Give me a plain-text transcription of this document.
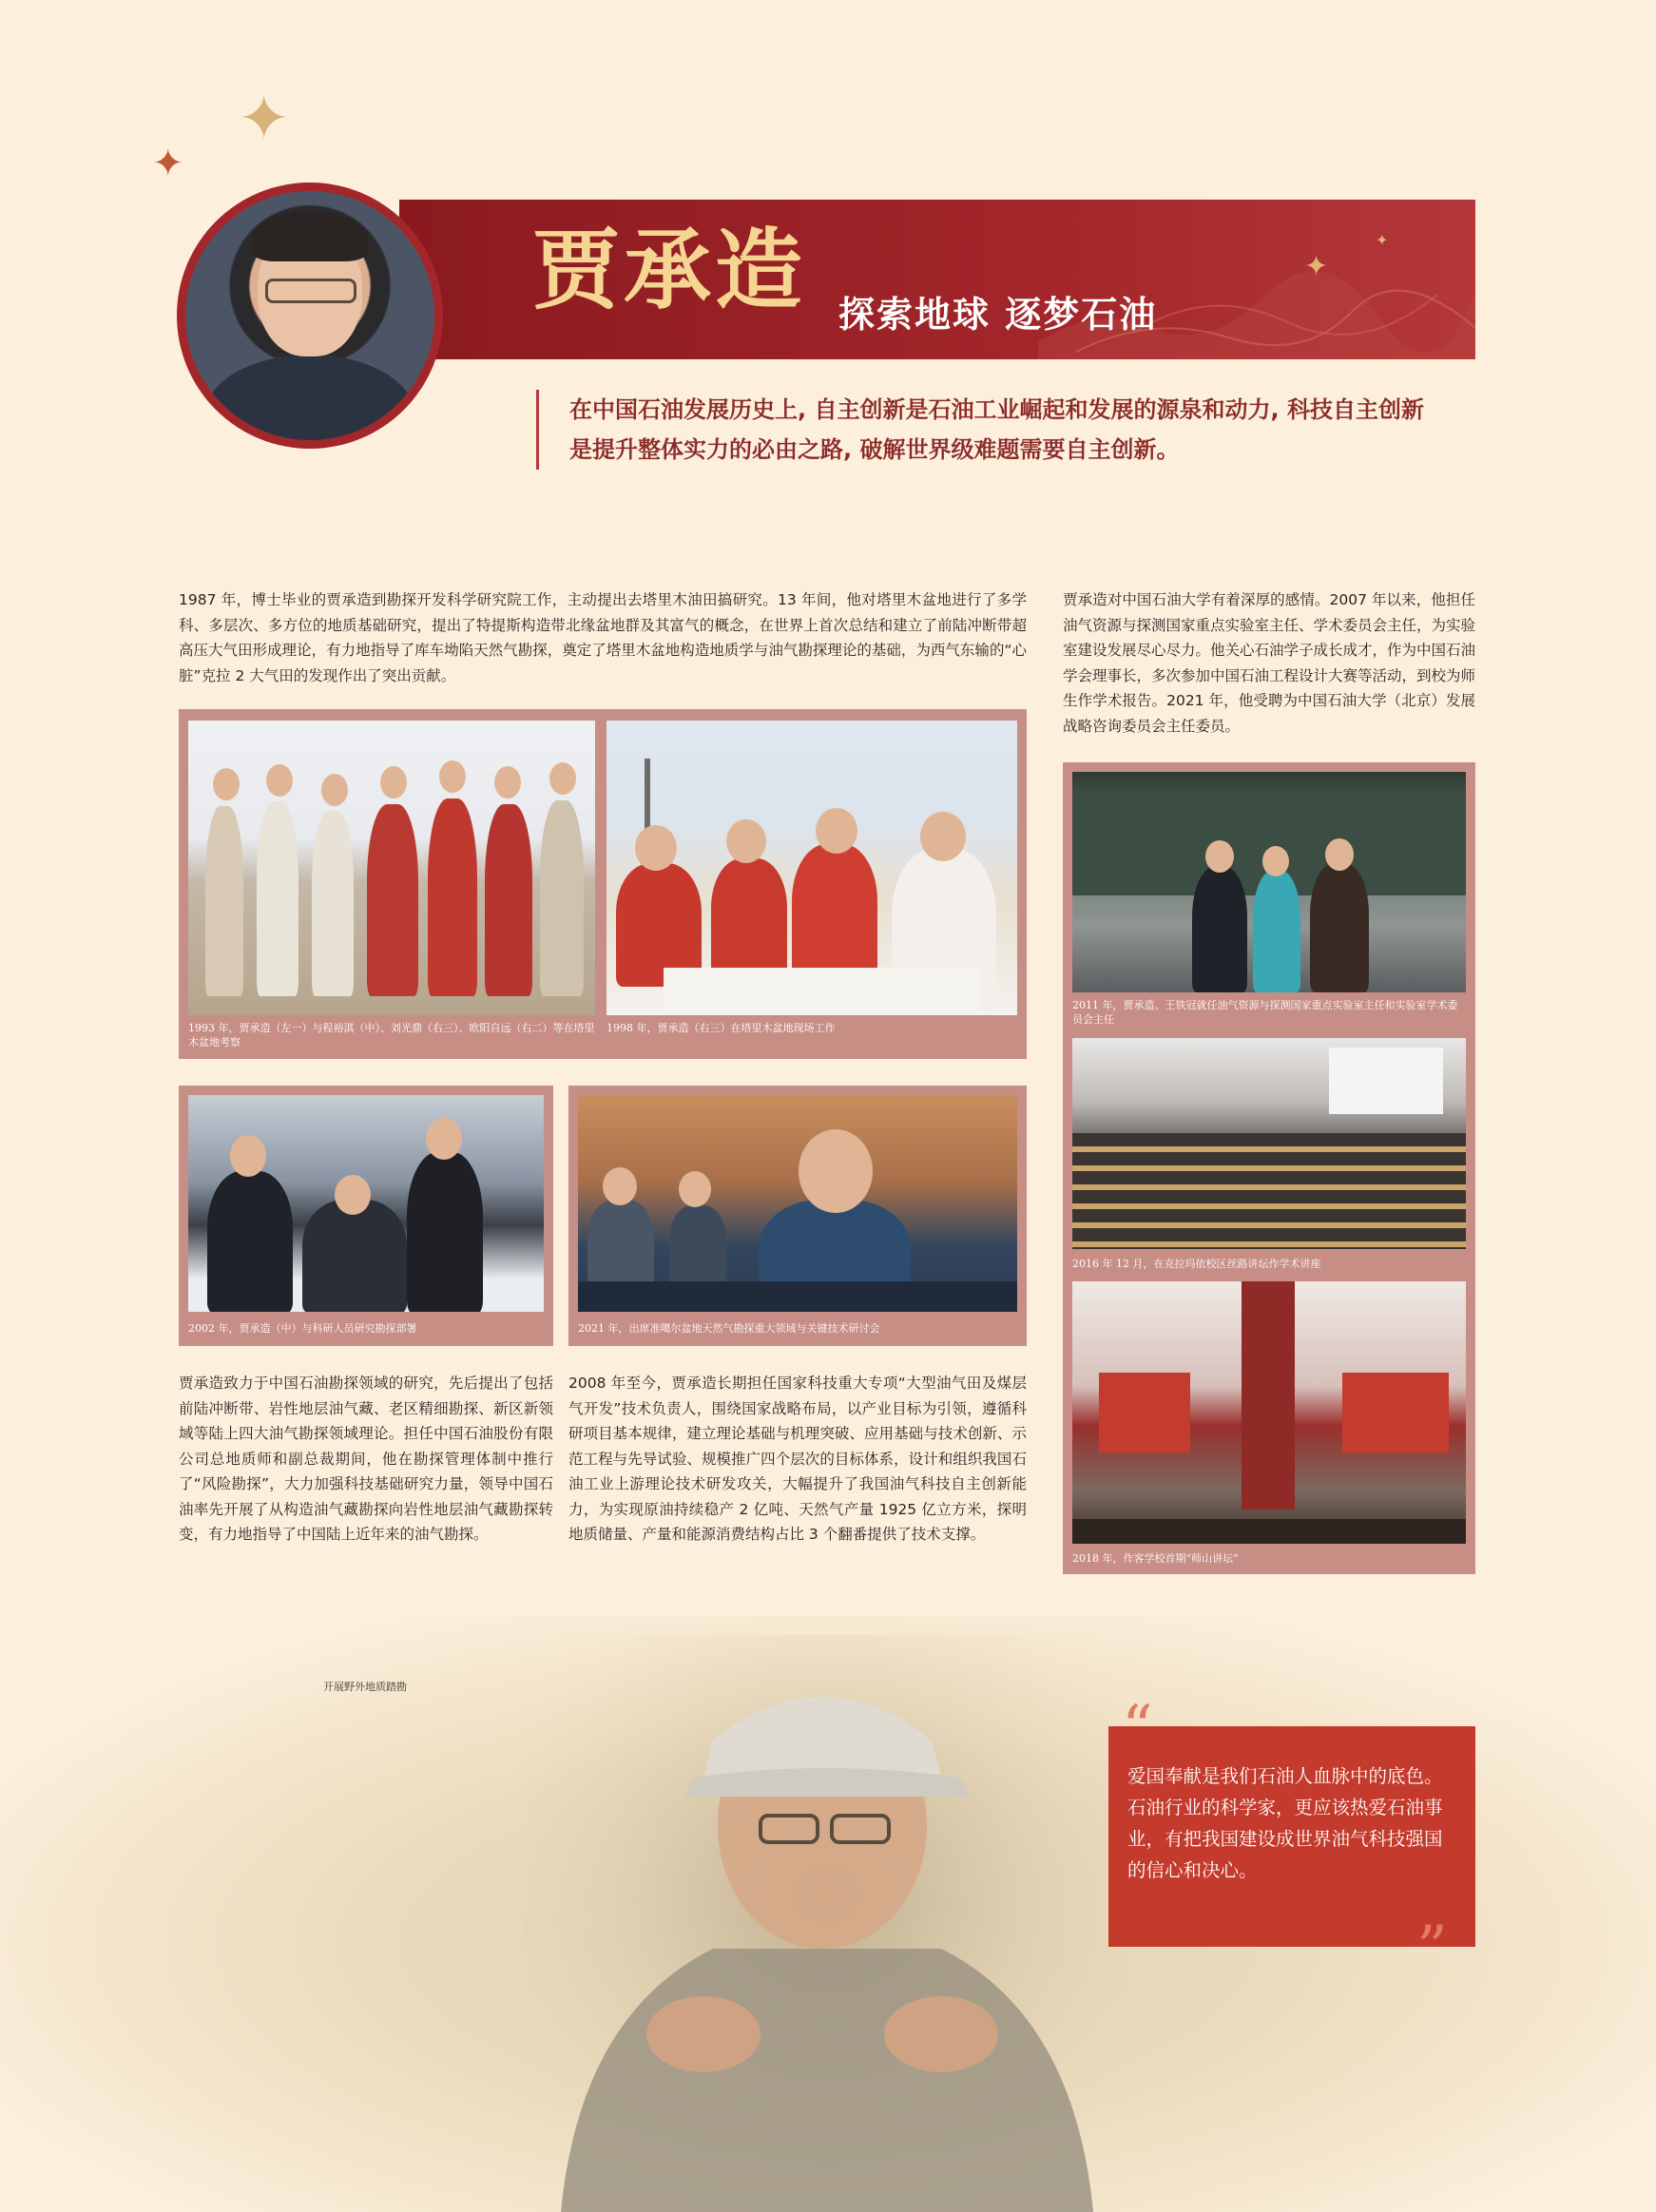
✦
✦
✦
✦
贾承造 探索地球 逐梦石油
在中国石油发展历史上, 自主创新是石油工业崛起和发展的源泉和动力, 科技自主创新是提升整体实力的必由之路, 破解世界级难题需要自主创新。
1987 年，博士毕业的贾承造到勘探开发科学研究院工作，主动提出去塔里木油田搞研究。13 年间，他对塔里木盆地进行了多学科、多层次、多方位的地质基础研究，提出了特提斯构造带北缘盆地群及其富气的概念，在世界上首次总结和建立了前陆冲断带超高压大气田形成理论，有力地指导了库车坳陷天然气勘探，奠定了塔里木盆地构造地质学与油气勘探理论的基础，为西气东输的“心脏”克拉 2 大气田的发现作出了突出贡献。
贾承造对中国石油大学有着深厚的感情。2007 年以来，他担任油气资源与探测国家重点实验室主任、学术委员会主任，为实验室建设发展尽心尽力。他关心石油学子成长成才，作为中国石油学会理事长，多次参加中国石油工程设计大赛等活动，到校为师生作学术报告。2021 年，他受聘为中国石油大学（北京）发展战略咨询委员会主任委员。
1993 年，贾承造（左一）与程裕淇（中）、刘光鼎（右三）、欧阳自远（右二）等在塔里木盆地考察
1998 年，贾承造（右三）在塔里木盆地现场工作
2002 年，贾承造（中）与科研人员研究勘探部署	2021 年，出席准噶尔盆地天然气勘探重大领域与关键技术研讨会
2011 年，贾承造、王铁冠就任油气资源与探测国家重点实验室主任和实验室学术委员会主任
2016 年 12 月，在克拉玛依校区丝路讲坛作学术讲座
2018 年，作客学校首期“师山讲坛”
贾承造致力于中国石油勘探领域的研究，先后提出了包括前陆冲断带、岩性地层油气藏、老区精细勘探、新区新领域等陆上四大油气勘探领域理论。担任中国石油股份有限公司总地质师和副总裁期间，他在勘探管理体制中推行了“风险勘探”，大力加强科技基础研究力量，领导中国石油率先开展了从构造油气藏勘探向岩性地层油气藏勘探转变，有力地指导了中国陆上近年来的油气勘探。
2008 年至今，贾承造长期担任国家科技重大专项“大型油气田及煤层气开发”技术负责人，围绕国家战略布局，以产业目标为引领，遵循科研项目基本规律，建立理论基础与机理突破、应用基础与技术创新、示范工程与先导试验、规模推广四个层次的目标体系，设计和组织我国石油工业上游理论技术研发攻关，大幅提升了我国油气科技自主创新能力，为实现原油持续稳产 2 亿吨、天然气产量 1925 亿立方米，探明地质储量、产量和能源消费结构占比 3 个翻番提供了技术支撑。
开展野外地质踏勘
爱国奉献是我们石油人血脉中的底色。石油行业的科学家，更应该热爱石油事业，有把我国建设成世界油气科技强国的信心和决心。
”
